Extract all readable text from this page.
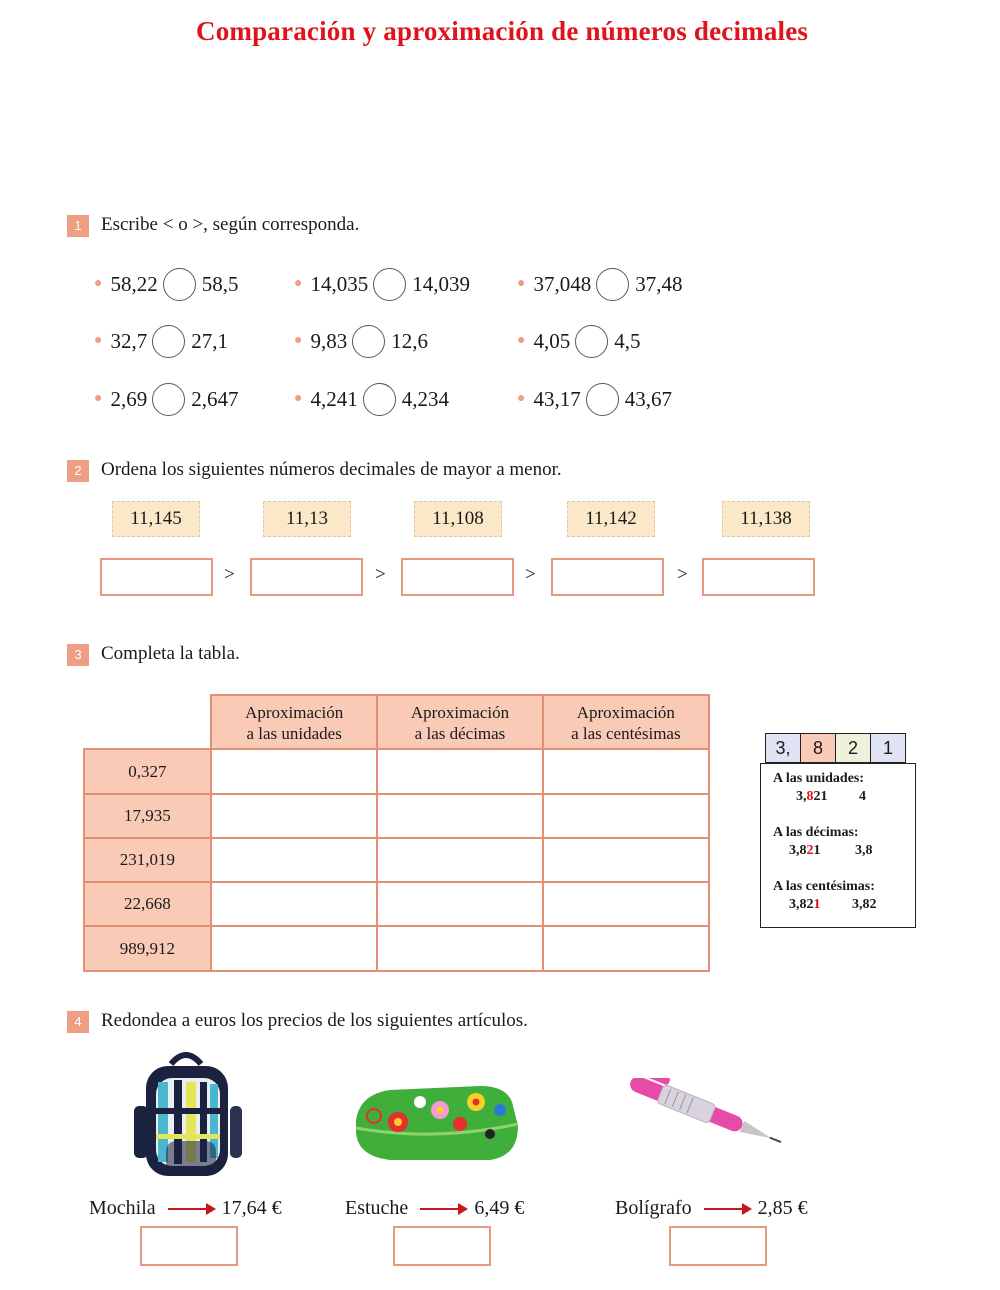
Comparación y aproximación de números decimales
1	Escribe < o >, según corresponda.
● 58,22 58,5	● 14,035 14,039	● 37,048 37,48
● 32,7 27,1	● 9,83 12,6	● 4,05 4,5
● 2,69 2,647	● 4,241 4,234	● 43,17 43,67
2	Ordena los siguientes números decimales de mayor a menor.
11,145	11,13	11,108	11,142	11,138
>	>	>	>
3	Completa la tabla.
Aproximación
a las unidades

Aproximación
a las décimas

Aproximación
a las centésimas
0,327			
17,935			
231,019			
22,668			
989,912			
3,	8	2	1
A las unidades:
3,821 4
A las décimas:
3,821 3,8
A las centésimas:
3,821 3,82
4	Redondea a euros los precios de los siguientes artículos.
Mochila	17,64 €	Estuche	6,49 €	Bolígrafo	2,85 €
